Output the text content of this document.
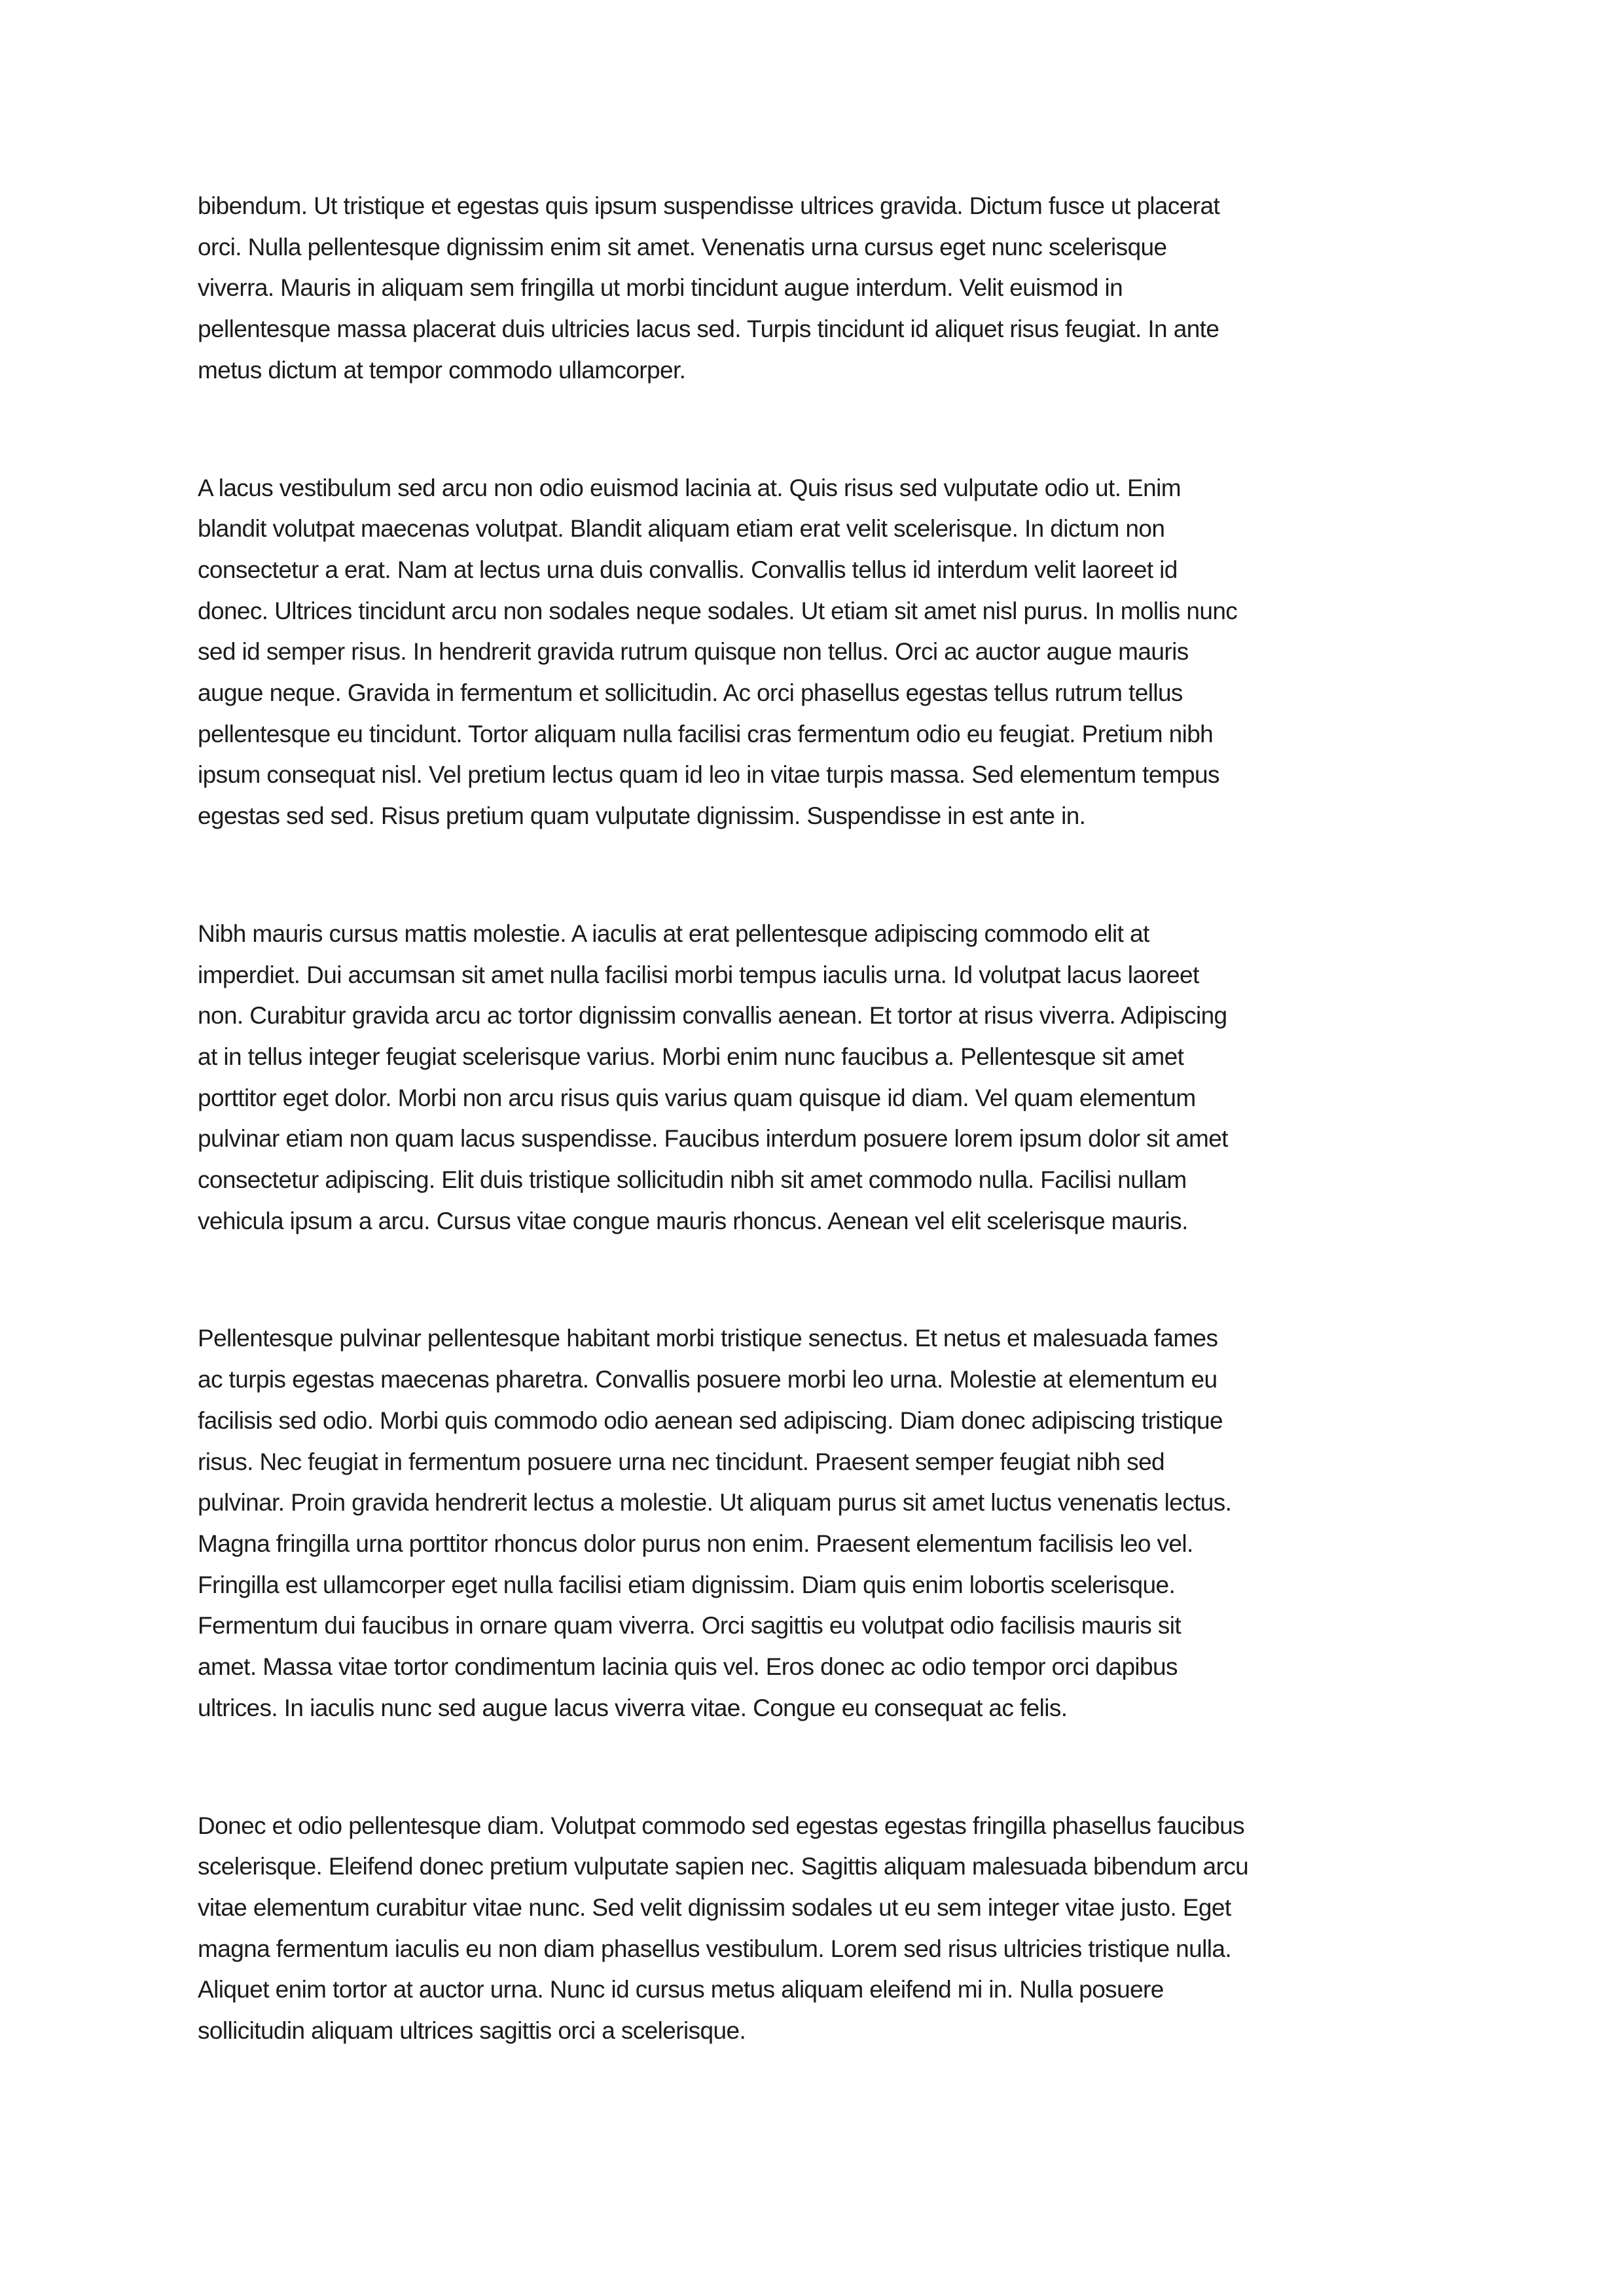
bibendum. Ut tristique et egestas quis ipsum suspendisse ultrices gravida. Dictum fusce ut placerat
orci. Nulla pellentesque dignissim enim sit amet. Venenatis urna cursus eget nunc scelerisque
viverra. Mauris in aliquam sem fringilla ut morbi tincidunt augue interdum. Velit euismod in
pellentesque massa placerat duis ultricies lacus sed. Turpis tincidunt id aliquet risus feugiat. In ante
metus dictum at tempor commodo ullamcorper.
A lacus vestibulum sed arcu non odio euismod lacinia at. Quis risus sed vulputate odio ut. Enim
blandit volutpat maecenas volutpat. Blandit aliquam etiam erat velit scelerisque. In dictum non
consectetur a erat. Nam at lectus urna duis convallis. Convallis tellus id interdum velit laoreet id
donec. Ultrices tincidunt arcu non sodales neque sodales. Ut etiam sit amet nisl purus. In mollis nunc
sed id semper risus. In hendrerit gravida rutrum quisque non tellus. Orci ac auctor augue mauris
augue neque. Gravida in fermentum et sollicitudin. Ac orci phasellus egestas tellus rutrum tellus
pellentesque eu tincidunt. Tortor aliquam nulla facilisi cras fermentum odio eu feugiat. Pretium nibh
ipsum consequat nisl. Vel pretium lectus quam id leo in vitae turpis massa. Sed elementum tempus
egestas sed sed. Risus pretium quam vulputate dignissim. Suspendisse in est ante in.
Nibh mauris cursus mattis molestie. A iaculis at erat pellentesque adipiscing commodo elit at
imperdiet. Dui accumsan sit amet nulla facilisi morbi tempus iaculis urna. Id volutpat lacus laoreet
non. Curabitur gravida arcu ac tortor dignissim convallis aenean. Et tortor at risus viverra. Adipiscing
at in tellus integer feugiat scelerisque varius. Morbi enim nunc faucibus a. Pellentesque sit amet
porttitor eget dolor. Morbi non arcu risus quis varius quam quisque id diam. Vel quam elementum
pulvinar etiam non quam lacus suspendisse. Faucibus interdum posuere lorem ipsum dolor sit amet
consectetur adipiscing. Elit duis tristique sollicitudin nibh sit amet commodo nulla. Facilisi nullam
vehicula ipsum a arcu. Cursus vitae congue mauris rhoncus. Aenean vel elit scelerisque mauris.
Pellentesque pulvinar pellentesque habitant morbi tristique senectus. Et netus et malesuada fames
ac turpis egestas maecenas pharetra. Convallis posuere morbi leo urna. Molestie at elementum eu
facilisis sed odio. Morbi quis commodo odio aenean sed adipiscing. Diam donec adipiscing tristique
risus. Nec feugiat in fermentum posuere urna nec tincidunt. Praesent semper feugiat nibh sed
pulvinar. Proin gravida hendrerit lectus a molestie. Ut aliquam purus sit amet luctus venenatis lectus.
Magna fringilla urna porttitor rhoncus dolor purus non enim. Praesent elementum facilisis leo vel.
Fringilla est ullamcorper eget nulla facilisi etiam dignissim. Diam quis enim lobortis scelerisque.
Fermentum dui faucibus in ornare quam viverra. Orci sagittis eu volutpat odio facilisis mauris sit
amet. Massa vitae tortor condimentum lacinia quis vel. Eros donec ac odio tempor orci dapibus
ultrices. In iaculis nunc sed augue lacus viverra vitae. Congue eu consequat ac felis.
Donec et odio pellentesque diam. Volutpat commodo sed egestas egestas fringilla phasellus faucibus
scelerisque. Eleifend donec pretium vulputate sapien nec. Sagittis aliquam malesuada bibendum arcu
vitae elementum curabitur vitae nunc. Sed velit dignissim sodales ut eu sem integer vitae justo. Eget
magna fermentum iaculis eu non diam phasellus vestibulum. Lorem sed risus ultricies tristique nulla.
Aliquet enim tortor at auctor urna. Nunc id cursus metus aliquam eleifend mi in. Nulla posuere
sollicitudin aliquam ultrices sagittis orci a scelerisque.
